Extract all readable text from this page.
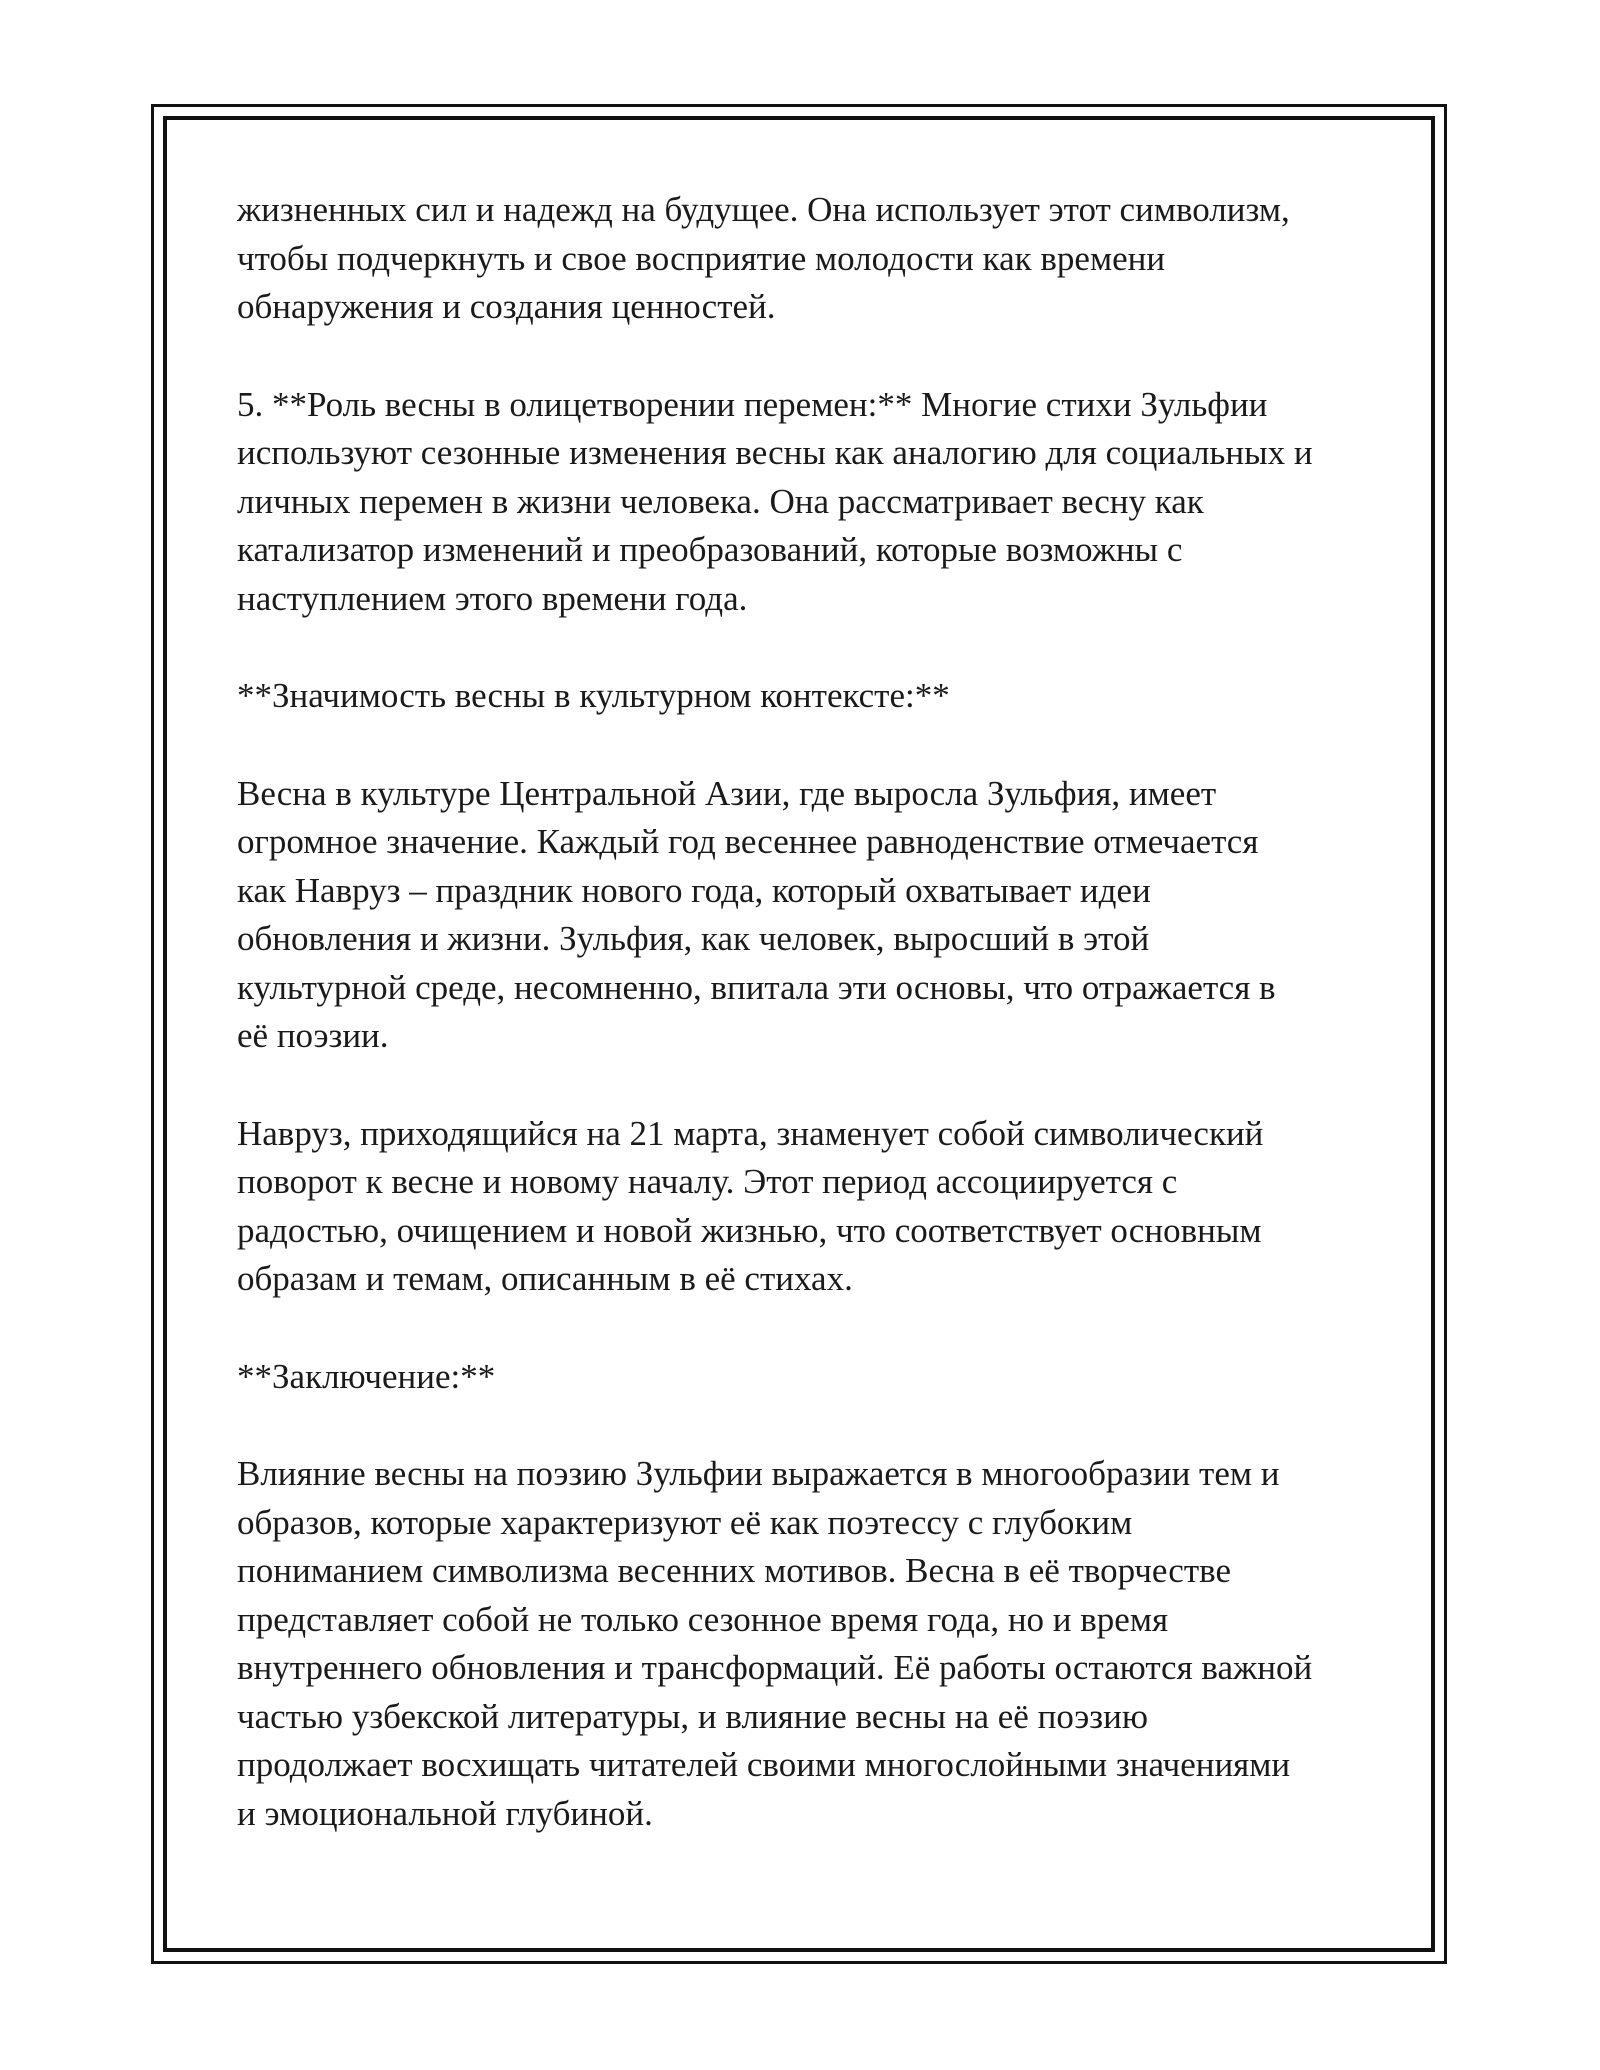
жизненных сил и надежд на будущее. Она использует этот символизм,
чтобы подчеркнуть и свое восприятие молодости как времени
обнаружения и создания ценностей.

5. **Роль весны в олицетворении перемен:** Многие стихи Зульфии
используют сезонные изменения весны как аналогию для социальных и
личных перемен в жизни человека. Она рассматривает весну как
катализатор изменений и преобразований, которые возможны с
наступлением этого времени года.

**Значимость весны в культурном контексте:**

Весна в культуре Центральной Азии, где выросла Зульфия, имеет
огромное значение. Каждый год весеннее равноденствие отмечается
как Навруз – праздник нового года, который охватывает идеи
обновления и жизни. Зульфия, как человек, выросший в этой
культурной среде, несомненно, впитала эти основы, что отражается в
её поэзии.

Навруз, приходящийся на 21 марта, знаменует собой символический
поворот к весне и новому началу. Этот период ассоциируется с
радостью, очищением и новой жизнью, что соответствует основным
образам и темам, описанным в её стихах.

**Заключение:**

Влияние весны на поэзию Зульфии выражается в многообразии тем и
образов, которые характеризуют её как поэтессу с глубоким
пониманием символизма весенних мотивов. Весна в её творчестве
представляет собой не только сезонное время года, но и время
внутреннего обновления и трансформаций. Её работы остаются важной
частью узбекской литературы, и влияние весны на её поэзию
продолжает восхищать читателей своими многослойными значениями
и эмоциональной глубиной.
